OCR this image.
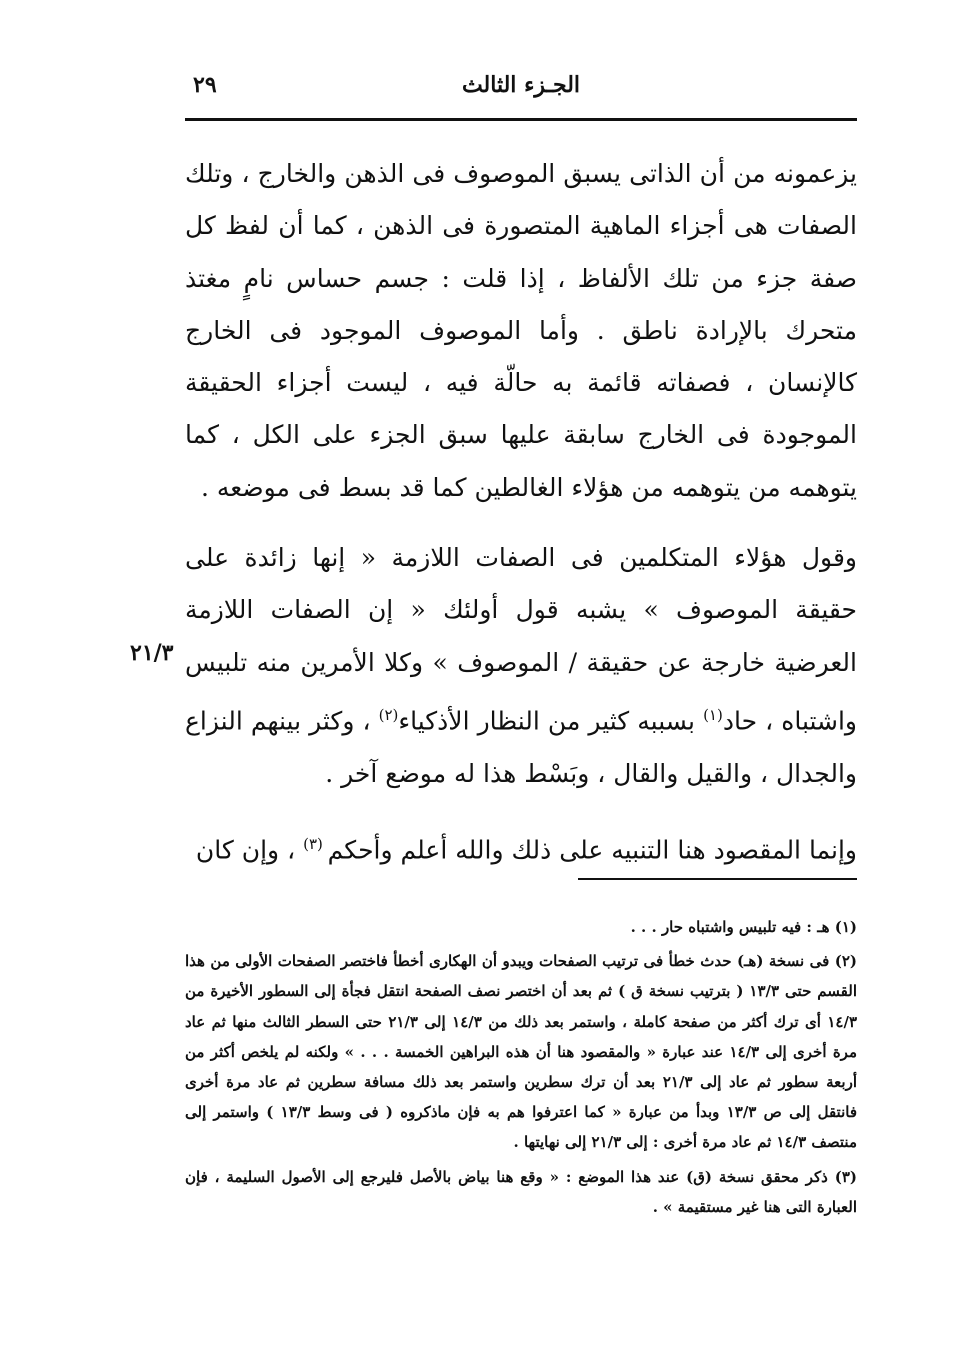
٢٩	الجـزء الثالث

يزعمونه من أن الذاتى يسبق الموصوف فى الذهن والخارج ، وتلك الصفات هى أجزاء الماهية المتصورة فى الذهن ، كما أن لفظ كل صفة جزء من تلك الألفاظ ، إذا قلت : جسم حساس نامٍ مغتذ متحرك بالإرادة ناطق . وأما الموصوف الموجود فى الخارج كالإنسان ، فصفاته قائمة به حالّة فيه ، ليست أجزاء الحقيقة الموجودة فى الخارج سابقة عليها سبق الجزء على الكل ، كما يتوهمه من يتوهمه من هؤلاء الغالطين كما قد بسط فى موضعه .

وقول هؤلاء المتكلمين فى الصفات اللازمة « إنها زائدة على حقيقة الموصوف » يشبه قول أولئك « إن الصفات اللازمة العرضية خارجة عن حقيقة / الموصوف » وكلا الأمرين منه تلبيس واشتباه ، حاد$^{(١)}$ بسببه كثير من النظار الأذكياء$^{(٢)}$ ، وكثر بينهم النزاع والجدال ، والقيل والقال ، وبَسْط هذا له موضع آخر .

وإنما المقصود هنا التنبيه على ذلك والله أعلم وأحكم $^{(٣)}$ ، وإن كان

٢١/٣

(١) هـ : فيه تلبيس واشتباه حار . . .

(٢) فى نسخة (هـ) حدث خطأ فى ترتيب الصفحات ويبدو أن الهكارى أخطأ فاختصر الصفحات الأولى من هذا القسم حتى ١٣/٣ ( بترتيب نسخة ق ) ثم بعد أن اختصر نصف الصفحة انتقل فجأة إلى السطور الأخيرة من ١٤/٣ أى ترك أكثر من صفحة كاملة ، واستمر بعد ذلك من ١٤/٣ إلى ٢١/٣ حتى السطر الثالث منها ثم عاد مرة أخرى إلى ١٤/٣ عند عبارة « والمقصود هنا أن هذه البراهين الخمسة . . . » ولكنه لم يلخص أكثر من أربعة سطور ثم عاد إلى ٢١/٣ بعد أن ترك سطرين واستمر بعد ذلك مسافة سطرين ثم عاد مرة أخرى فانتقل إلى ص ١٣/٣ وبدأ من عبارة « كما اعترفوا هم به فإن ماذكروه ( فى وسط ١٣/٣ ) واستمر إلى منتصف ١٤/٣ ثم عاد مرة أخرى : إلى ٢١/٣ إلى نهايتها .

(٣) ذكر محقق نسخة (ق) عند هذا الموضع : « وقع هنا بياض بالأصل فليرجع إلى الأصول السليمة ، فإن العبارة التى هنا غير مستقيمة » .
